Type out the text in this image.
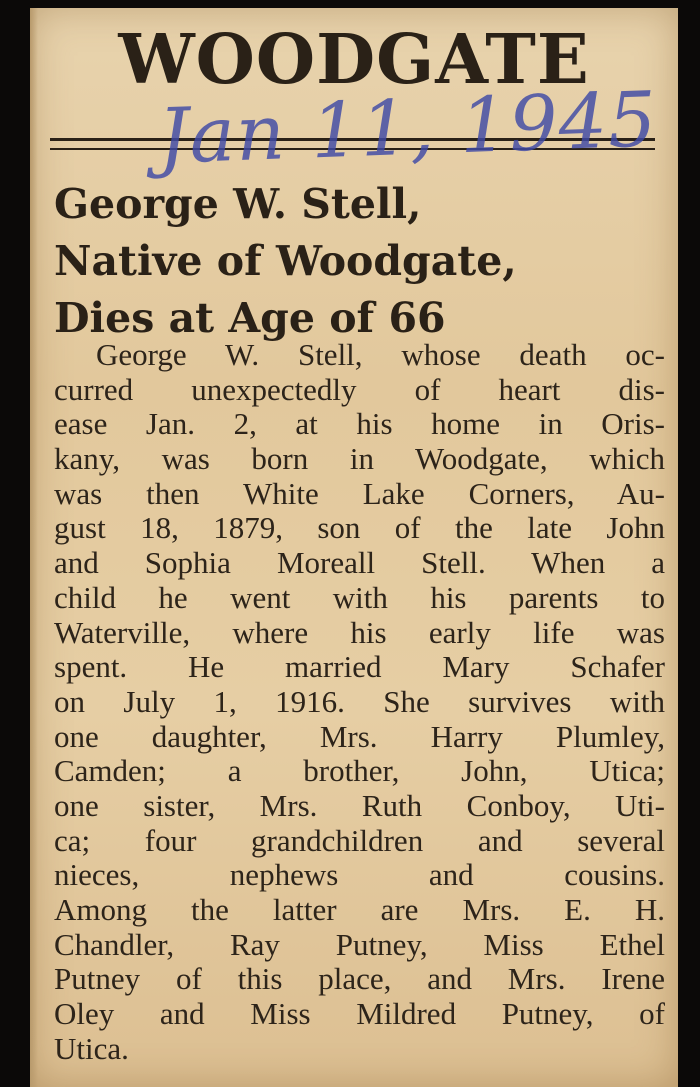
WOODGATE
Jan 11, 1945
George W. Stell,
Native of Woodgate,
Dies at Age of 66
George W. Stell, whose death oc-
curred unexpectedly of heart dis-
ease Jan. 2, at his home in Oris-
kany, was born in Woodgate, which
was then White Lake Corners, Au-
gust 18, 1879, son of the late John
and Sophia Moreall Stell. When a
child he went with his parents to
Waterville, where his early life was
spent. He married Mary Schafer
on July 1, 1916. She survives with
one daughter, Mrs. Harry Plumley,
Camden; a brother, John, Utica;
one sister, Mrs. Ruth Conboy, Uti-
ca; four grandchildren and several
nieces, nephews and cousins.
Among the latter are Mrs. E. H.
Chandler, Ray Putney, Miss Ethel
Putney of this place, and Mrs. Irene
Oley and Miss Mildred Putney, of
Utica.
